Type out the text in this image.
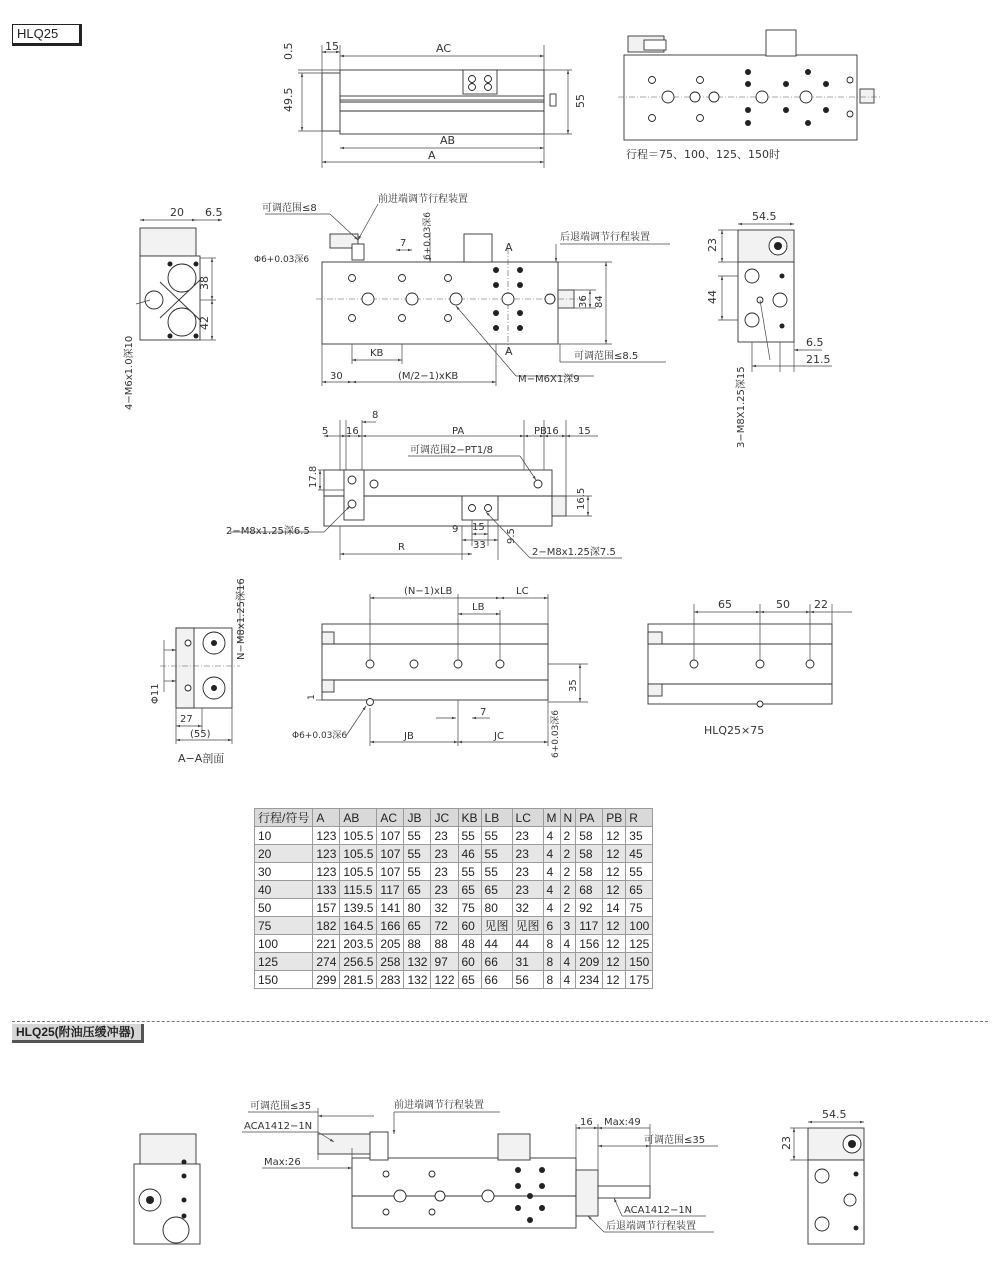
HLQ25
15	AC
AB
A
0.5
49.5	55
行程＝75、100、125、150时
20 6.5
38
42
4−M6x1.0深10
可调范围≤8
前进端调节行程装置
后退端调节行程装置
Φ6+0.03深6	6+0.03深6
7	A
A
36 84
KB	可调范围≤8.5
30	(M/2−1)xKB	M−M6X1深9
54.5
23
44
6.5
21.5
3−M8X1.25深15
8
5 16	PA	PB 16 15
可调范围2−PT1/8
17.8
16.5
2−M8x1.25深6.5	9 15
9.5
R	33
2−M8x1.25深7.5
N−M8x1.25深16
Φ11
27
(55)
A−A剖面
(N−1)xLB	LC
LB
35
1
7
Φ6+0.03深6	JB	JC	6+0.03深6
65	50 22
HLQ25×75
可调范围≤35
ACA1412−1N
Max:26
前进端调节行程装置
16 Max:49
可调范围≤35
ACA1412−1N
后退端调节行程装置
54.5
23
行程/符号	A	AB	AC	JB	JC	KB	LB	LC	M	N	PA	PB	R
10	123	105.5	107	55	23	55	55	23	4	2	58	12	35
20	123	105.5	107	55	23	46	55	23	4	2	58	12	45
30	123	105.5	107	55	23	55	55	23	4	2	58	12	55
40	133	115.5	117	65	23	65	65	23	4	2	68	12	65
50	157	139.5	141	80	32	75	80	32	4	2	92	14	75
75	182	164.5	166	65	72	60	见图	见图	6	3	117	12	100
100	221	203.5	205	88	88	48	44	44	8	4	156	12	125
125	274	256.5	258	132	97	60	66	31	8	4	209	12	150
150	299	281.5	283	132	122	65	66	56	8	4	234	12	175
HLQ25(附油压缓冲器)
